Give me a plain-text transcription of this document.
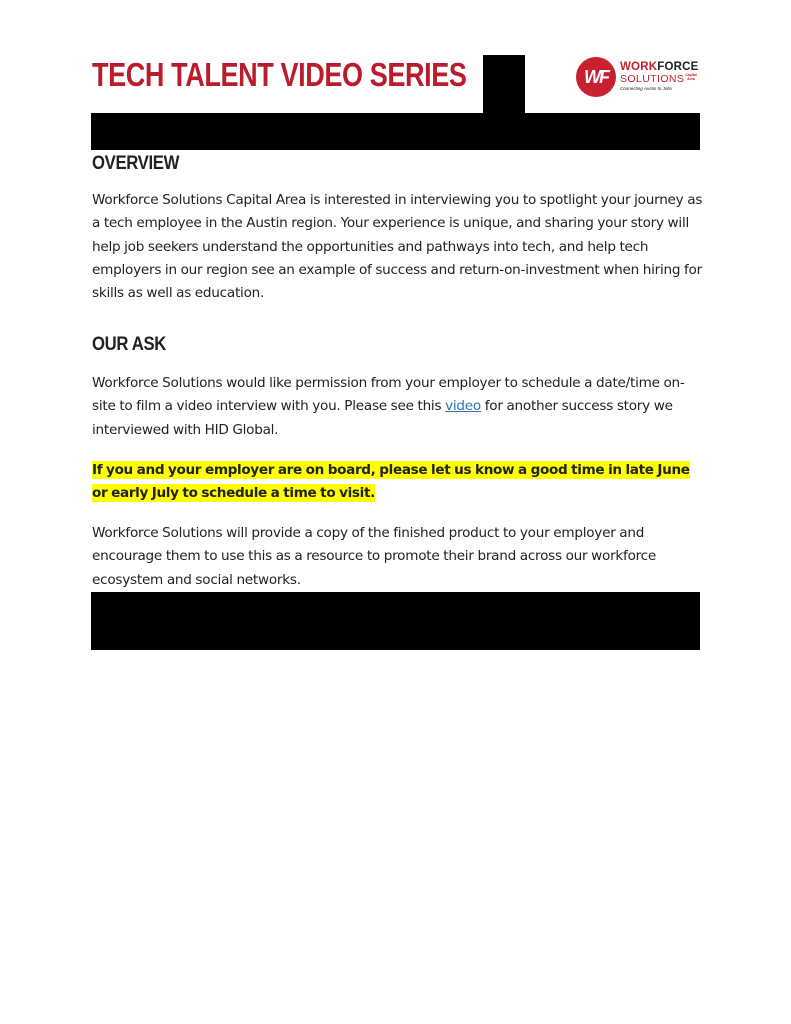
TECH TALENT VIDEO SERIES	WF WORKFORCE
SOLUTIONS
Connecting Austin to Jobs
Capital Area
OVERVIEW

Workforce Solutions Capital Area is interested in interviewing you to spotlight your journey as a tech employee in the Austin region. Your experience is unique, and sharing your story will help job seekers understand the opportunities and pathways into tech, and help tech employers in our region see an example of success and return-on-investment when hiring for skills as well as education.

OUR ASK

Workforce Solutions would like permission from your employer to schedule a date/time on-site to film a video interview with you. Please see this video for another success story we interviewed with HID Global.

If you and your employer are on board, please let us know a good time in late June or early July to schedule a time to visit.

Workforce Solutions will provide a copy of the finished product to your employer and encourage them to use this as a resource to promote their brand across our workforce ecosystem and social networks.
